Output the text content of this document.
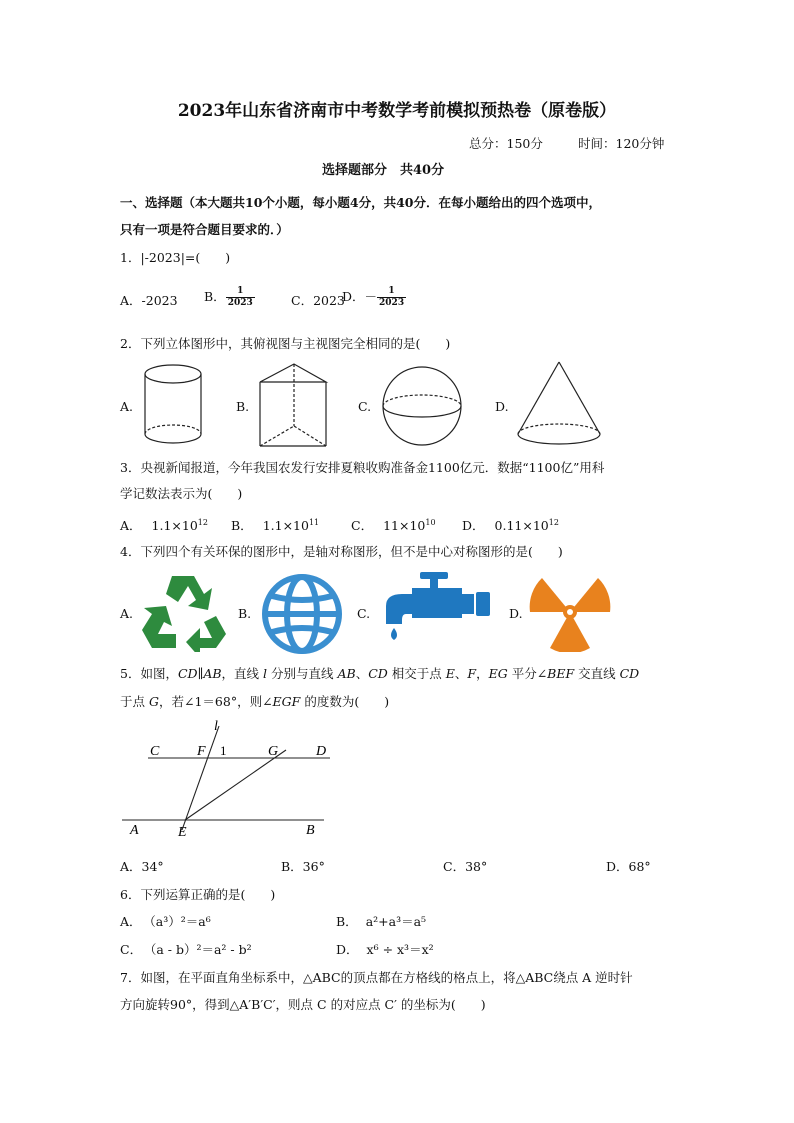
2023年山东省济南市中考数学考前模拟预热卷（原卷版）
总分：150分	时间：120分钟
选择题部分　共40分
一、选择题（本大题共10个小题，每小题4分，共40分．在每小题给出的四个选项中，
只有一项是符合题目要求的．）
1．|-2023|=(　　)
A．-2023 B． $\frac{1}{2023}$	C．2023
D．－ $\frac{1}{2023}$
2．下列立体图形中，其俯视图与主视图完全相同的是(　　)
A.	B.	C.	D.
3．央视新闻报道，今年我国农发行安排夏粮收购准备金1100亿元．数据“1100亿”用科
学记数法表示为(　　)
A． $1.1\times 10^{12}$ B． $1.1\times 10^{11}$	C． $11\times 10^{10}$ D． $0.11\times 10^{12}$
4．下列四个有关环保的图形中，是轴对称图形，但不是中心对称图形的是(　　)
A.	B.	C.	D.
5．如图，CD∥AB，直线 l 分别与直线 AB、CD 相交于点 E、F，EG 平分∠BEF 交直线 CD
于点 G，若∠1＝68°，则∠EGF 的度数为(　　)
l
C	F 1	G	D
A	E	B
A．34°	B．36°	C．38°	D．68°
6．下列运算正确的是(　　)
A． （a³）²＝a⁶	B． a²+a³＝a⁵
C． （a - b）²＝a² - b²	D． x⁶ ÷ x³＝x²
7．如图，在平面直角坐标系中，△ABC的顶点都在方格线的格点上，将△ABC绕点 A 逆时针
方向旋转90°，得到△A′B′C′，则点 C 的对应点 C′ 的坐标为(　　)
